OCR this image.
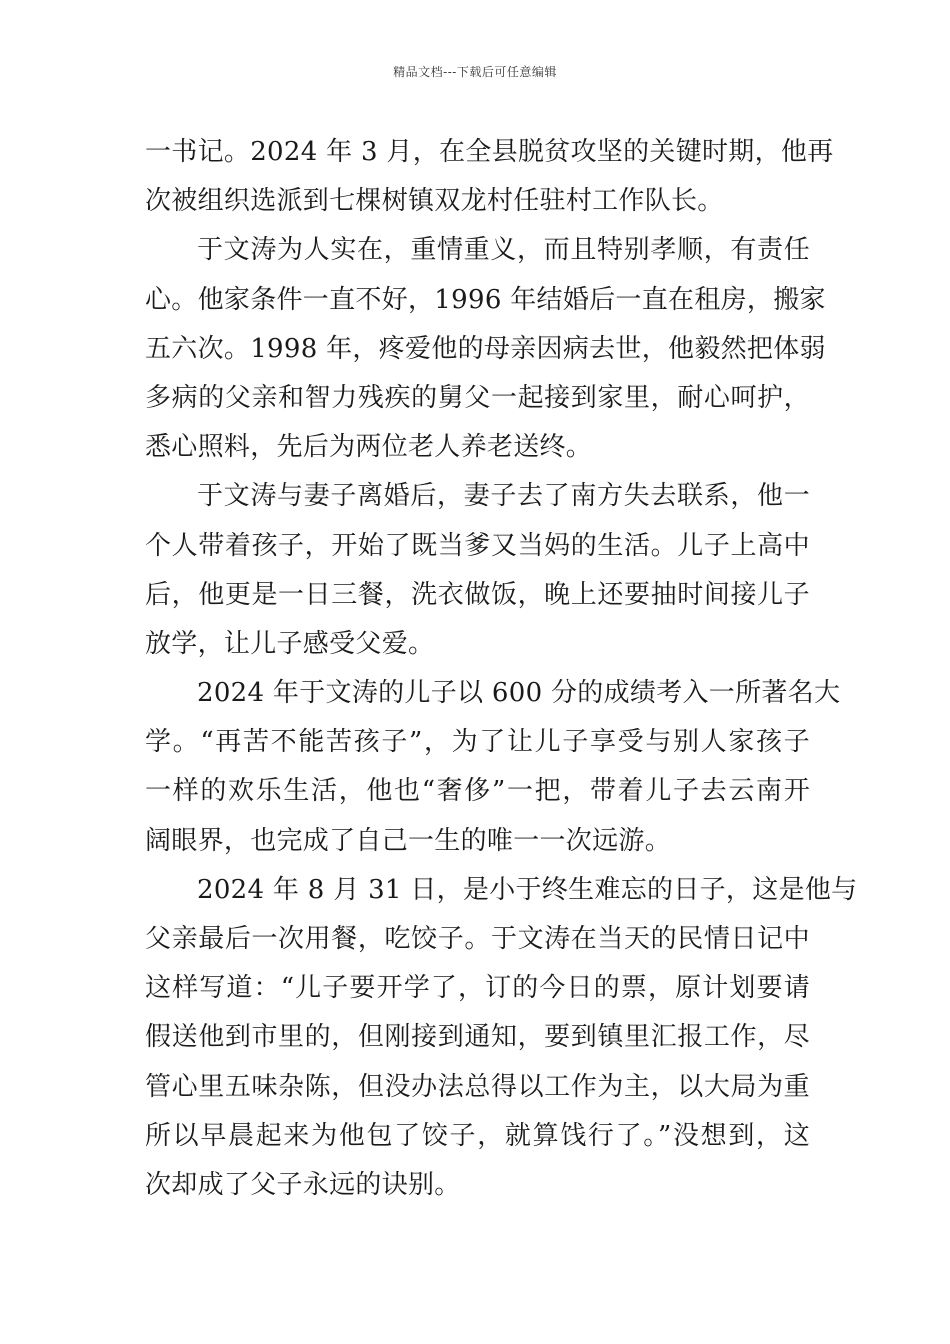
精品文档---下载后可任意编辑
一书记。2024 年 3 月，在全县脱贫攻坚的关键时期，他再
次被组织选派到七棵树镇双龙村任驻村工作队长。
于文涛为人实在，重情重义，而且特别孝顺，有责任
心。他家条件一直不好，1996 年结婚后一直在租房，搬家
五六次。1998 年，疼爱他的母亲因病去世，他毅然把体弱
多病的父亲和智力残疾的舅父一起接到家里，耐心呵护，
悉心照料，先后为两位老人养老送终。
于文涛与妻子离婚后，妻子去了南方失去联系，他一
个人带着孩子，开始了既当爹又当妈的生活。儿子上高中
后，他更是一日三餐，洗衣做饭，晚上还要抽时间接儿子
放学，让儿子感受父爱。
2024 年于文涛的儿子以 600 分的成绩考入一所著名大
学。“再苦不能苦孩子”，为了让儿子享受与别人家孩子
一样的欢乐生活，他也“奢侈”一把，带着儿子去云南开
阔眼界，也完成了自己一生的唯一一次远游。
2024 年 8 月 31 日，是小于终生难忘的日子，这是他与
父亲最后一次用餐，吃饺子。于文涛在当天的民情日记中
这样写道：“儿子要开学了，订的今日的票，原计划要请
假送他到市里的，但刚接到通知，要到镇里汇报工作，尽
管心里五味杂陈，但没办法总得以工作为主，以大局为重
所以早晨起来为他包了饺子，就算饯行了。”没想到，这
次却成了父子永远的诀别。
